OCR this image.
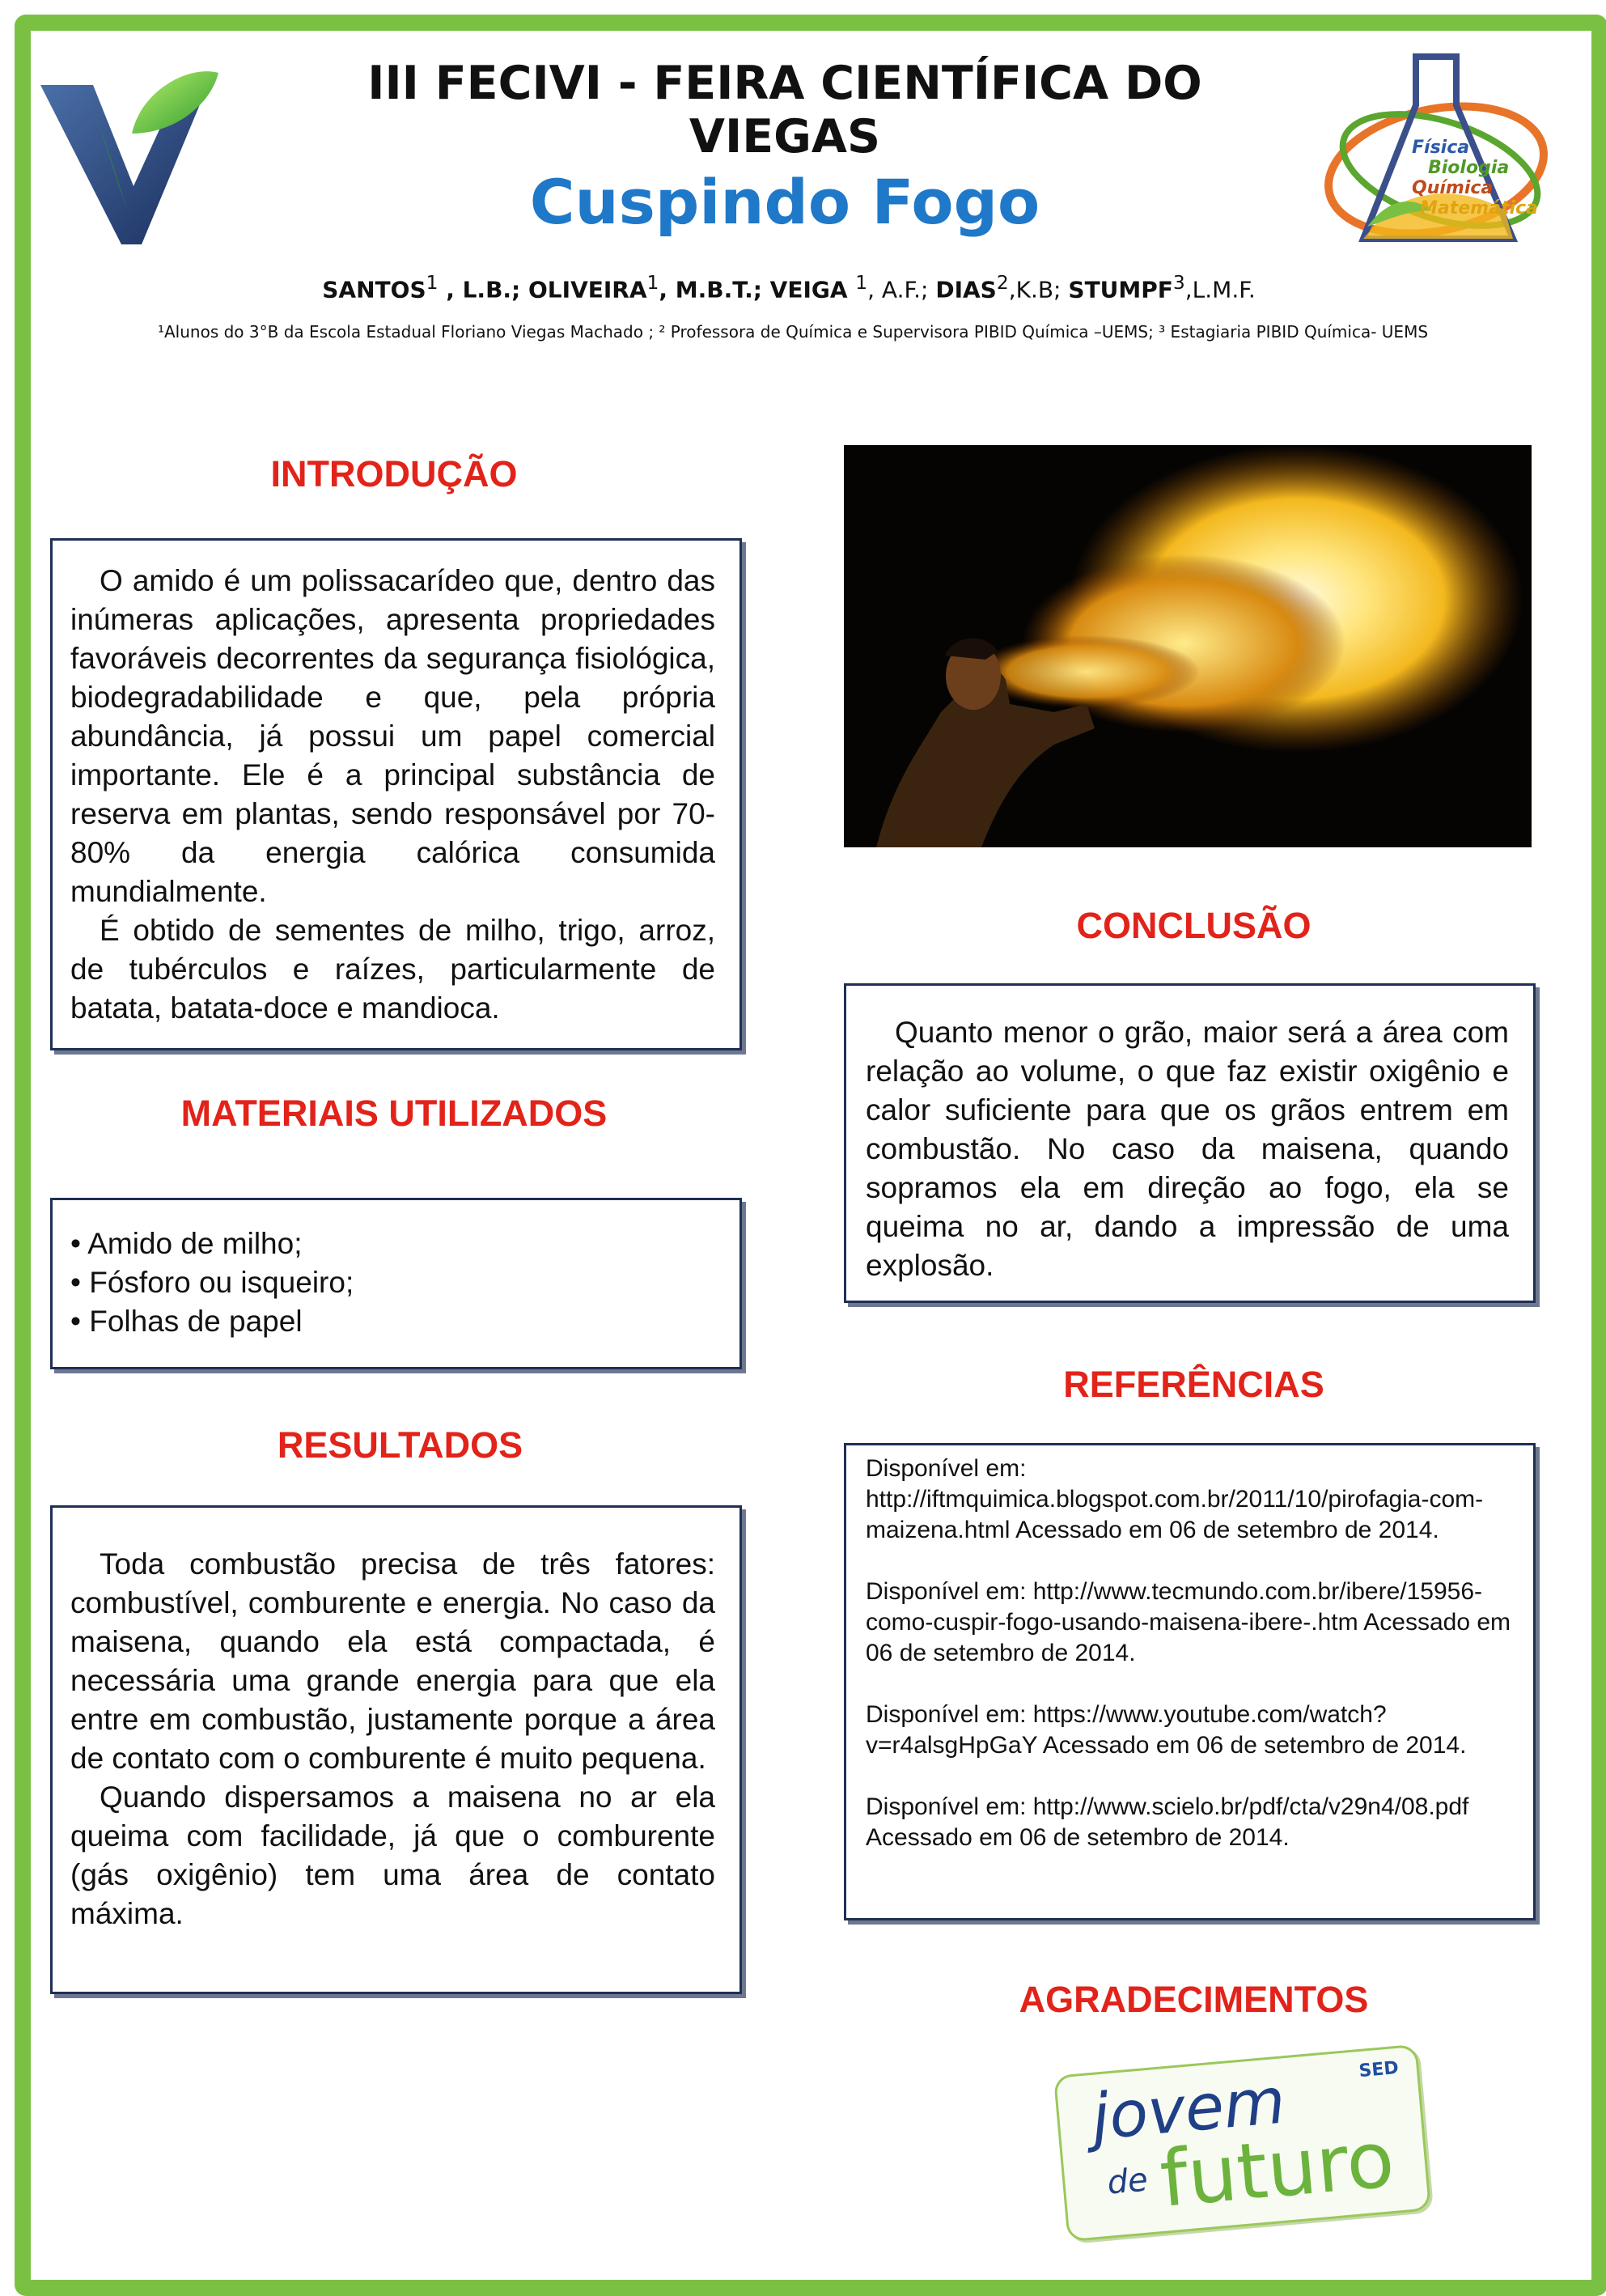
Física
Biologia
Química
Matemática
III FECIVI - FEIRA CIENTÍFICA DO VIEGAS
Cuspindo Fogo
SANTOS$^1$ , L.B.; OLIVEIRA$^1$, M.B.T.; VEIGA $^1$, A.F.; DIAS$^2$,K.B; STUMPF$^3$,L.M.F.
¹Alunos do 3°B da Escola Estadual Floriano Viegas Machado ; ² Professora de Química e Supervisora PIBID Química –UEMS; ³ Estagiaria PIBID Química- UEMS
INTRODUÇÃO

O amido é um polissacarídeo que, dentro das inúmeras aplicações, apresenta propriedades favoráveis decorrentes da segurança fisiológica, biodegradabilidade e que, pela própria abundância, já possui um papel comercial importante. Ele é a principal substância de reserva em plantas, sendo responsável por 70-80% da energia calórica consumida mundialmente.

É obtido de sementes de milho, trigo, arroz, de tubérculos e raízes, particularmente de batata, batata-doce e mandioca.

MATERIAIS UTILIZADOS
• Amido de milho;
• Fósforo ou isqueiro;
• Folhas de papel
RESULTADOS

Toda combustão precisa de três fatores: combustível, comburente e energia. No caso da maisena, quando ela está compactada, é necessária uma grande energia para que ela entre em combustão, justamente porque a área de contato com o comburente é muito pequena.

Quando dispersamos a maisena no ar ela queima com facilidade, já que o comburente (gás oxigênio) tem uma área de contato máxima.

CONCLUSÃO

Quanto menor o grão, maior será a área com relação ao volume, o que faz existir oxigênio e calor suficiente para que os grãos entrem em combustão. No caso da maisena, quando sopramos ela em direção ao fogo, ela se queima no ar, dando a impressão de uma explosão.

REFERÊNCIAS

Disponível em: http://iftmquimica.blogspot.com.br/2011/10/pirofagia-com-maizena.html Acessado em 06 de setembro de 2014.

Disponível em: http://www.tecmundo.com.br/ibere/15956-como-cuspir-fogo-usando-maisena-ibere-.htm Acessado em 06 de setembro de 2014.

Disponível em: https://www.youtube.com/watch?v=r4alsgHpGaY Acessado em 06 de setembro de 2014.

Disponível em: http://www.scielo.br/pdf/cta/v29n4/08.pdf Acessado em 06 de setembro de 2014.

AGRADECIMENTOS
SED
jovem
de futuro
